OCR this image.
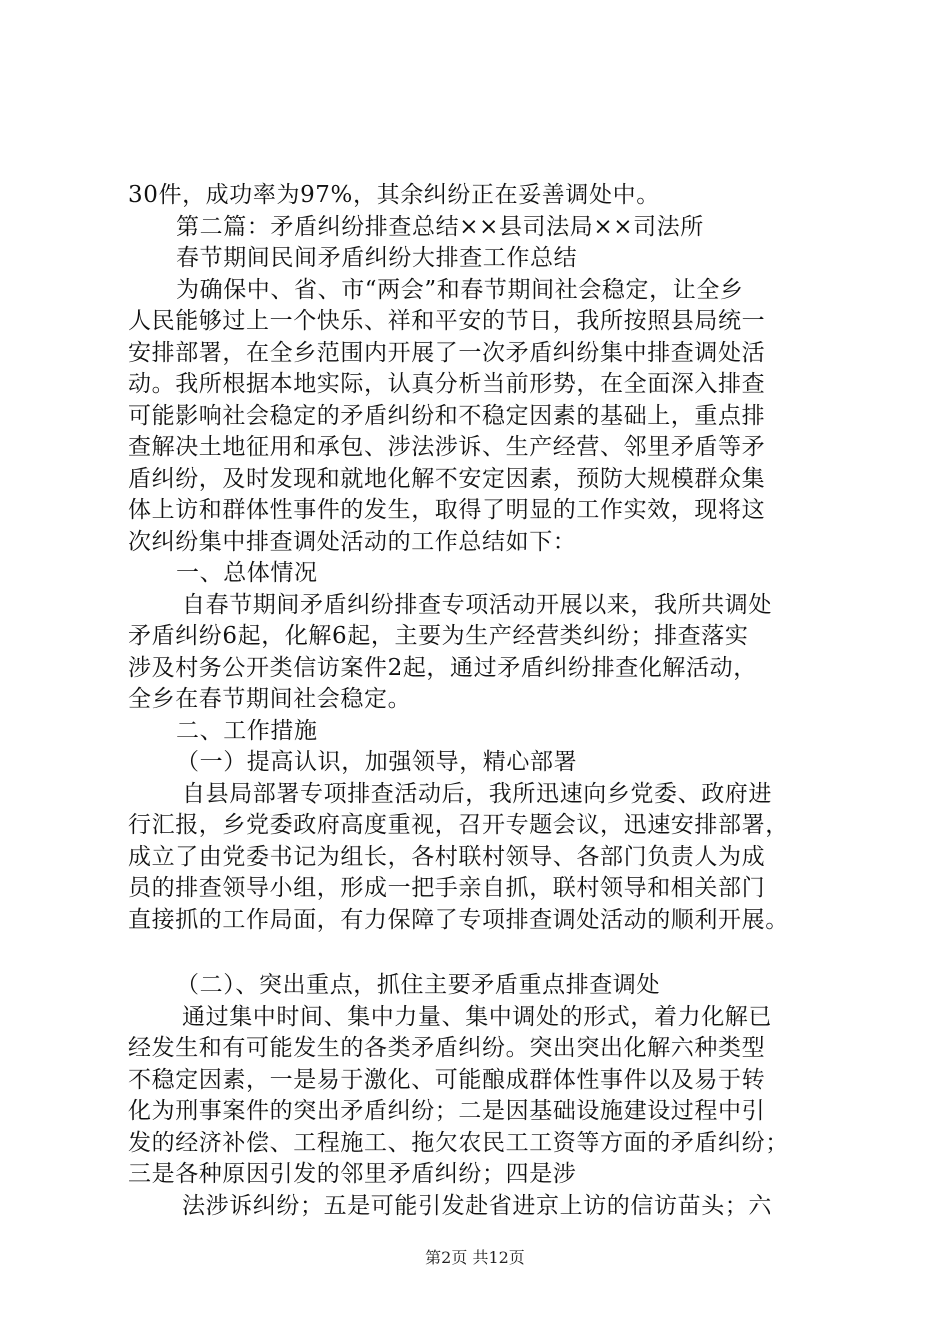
30件，成功率为97%，其余纠纷正在妥善调处中。
第二篇：矛盾纠纷排查总结××县司法局××司法所
春节期间民间矛盾纠纷大排查工作总结
为确保中、省、市“两会”和春节期间社会稳定，让全乡
人民能够过上一个快乐、祥和平安的节日，我所按照县局统一
安排部署，在全乡范围内开展了一次矛盾纠纷集中排查调处活
动。我所根据本地实际，认真分析当前形势，在全面深入排查
可能影响社会稳定的矛盾纠纷和不稳定因素的基础上，重点排
查解决土地征用和承包、涉法涉诉、生产经营、邻里矛盾等矛
盾纠纷，及时发现和就地化解不安定因素，预防大规模群众集
体上访和群体性事件的发生，取得了明显的工作实效，现将这
次纠纷集中排查调处活动的工作总结如下：
一、总体情况
自春节期间矛盾纠纷排查专项活动开展以来，我所共调处
矛盾纠纷6起，化解6起，主要为生产经营类纠纷；排查落实
涉及村务公开类信访案件2起，通过矛盾纠纷排查化解活动，
全乡在春节期间社会稳定。
二、工作措施
（一）提高认识，加强领导，精心部署
自县局部署专项排查活动后，我所迅速向乡党委、政府进
行汇报，乡党委政府高度重视，召开专题会议，迅速安排部署，
成立了由党委书记为组长，各村联村领导、各部门负责人为成
员的排查领导小组，形成一把手亲自抓，联村领导和相关部门
直接抓的工作局面，有力保障了专项排查调处活动的顺利开展。
（二）、突出重点，抓住主要矛盾重点排查调处
通过集中时间、集中力量、集中调处的形式，着力化解已
经发生和有可能发生的各类矛盾纠纷。突出突出化解六种类型
不稳定因素，一是易于激化、可能酿成群体性事件以及易于转
化为刑事案件的突出矛盾纠纷；二是因基础设施建设过程中引
发的经济补偿、工程施工、拖欠农民工工资等方面的矛盾纠纷；
三是各种原因引发的邻里矛盾纠纷；四是涉
法涉诉纠纷；五是可能引发赴省进京上访的信访苗头；六
第2页 共12页
